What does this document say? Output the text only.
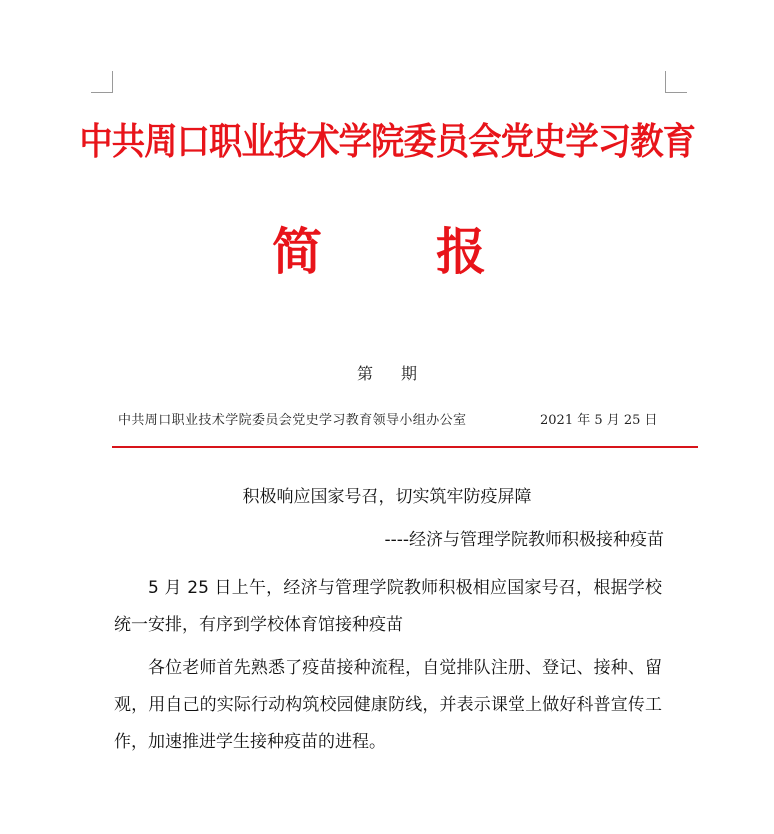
中共周口职业技术学院委员会党史学习教育
简 报
第 期
中共周口职业技术学院委员会党史学习教育领导小组办公室	2021 年 5 月 25 日
积极响应国家号召，切实筑牢防疫屏障
----经济与管理学院教师积极接种疫苗
5 月 25 日上午，经济与管理学院教师积极相应国家号召，根据学校统一安排，有序到学校体育馆接种疫苗
各位老师首先熟悉了疫苗接种流程，自觉排队注册、登记、接种、留观，用自己的实际行动构筑校园健康防线，并表示课堂上做好科普宣传工作，加速推进学生接种疫苗的进程。
